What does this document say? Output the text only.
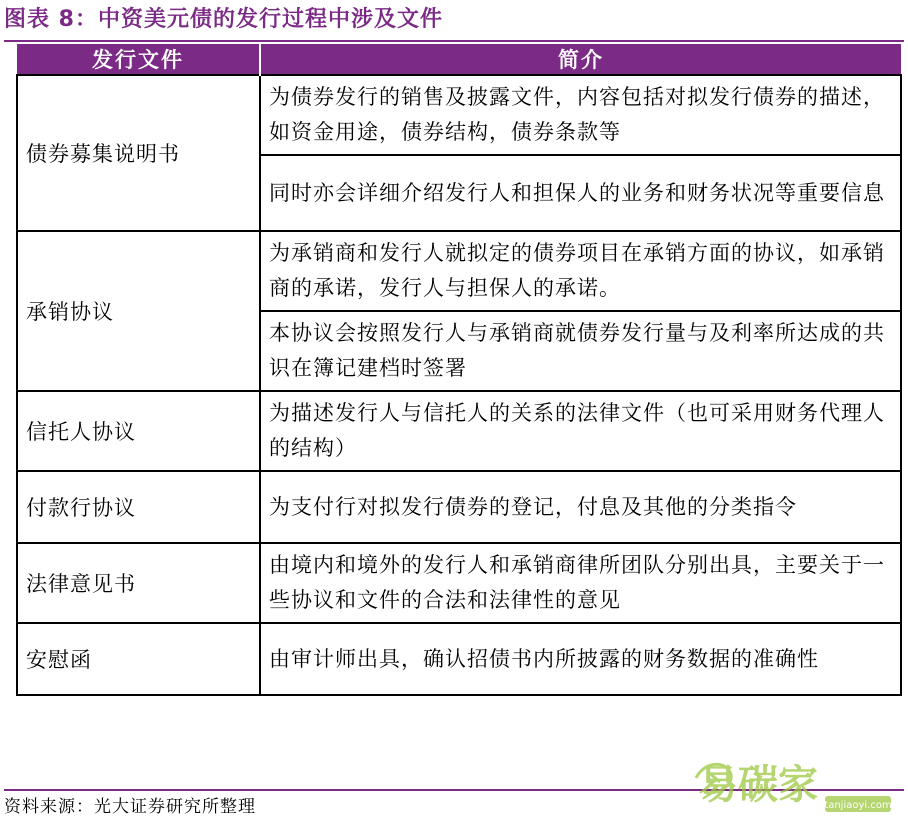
图表 8：中资美元债的发行过程中涉及文件
发行文件	简介
债券募集说明书	为债券发行的销售及披露文件，内容包括对拟发行债券的描述，如资金用途，债券结构，债券条款等
	同时亦会详细介绍发行人和担保人的业务和财务状况等重要信息
承销协议	为承销商和发行人就拟定的债券项目在承销方面的协议，如承销商的承诺，发行人与担保人的承诺。
	本协议会按照发行人与承销商就债券发行量与及利率所达成的共识在簿记建档时签署
信托人协议	为描述发行人与信托人的关系的法律文件（也可采用财务代理人的结构）
付款行协议	为支付行对拟发行债券的登记，付息及其他的分类指令
法律意见书	由境内和境外的发行人和承销商律所团队分别出具，主要关于一些协议和文件的合法和法律性的意见
安慰函	由审计师出具，确认招债书内所披露的财务数据的准确性
资料来源：光大证券研究所整理	易碳家 tanjiaoyi.com
